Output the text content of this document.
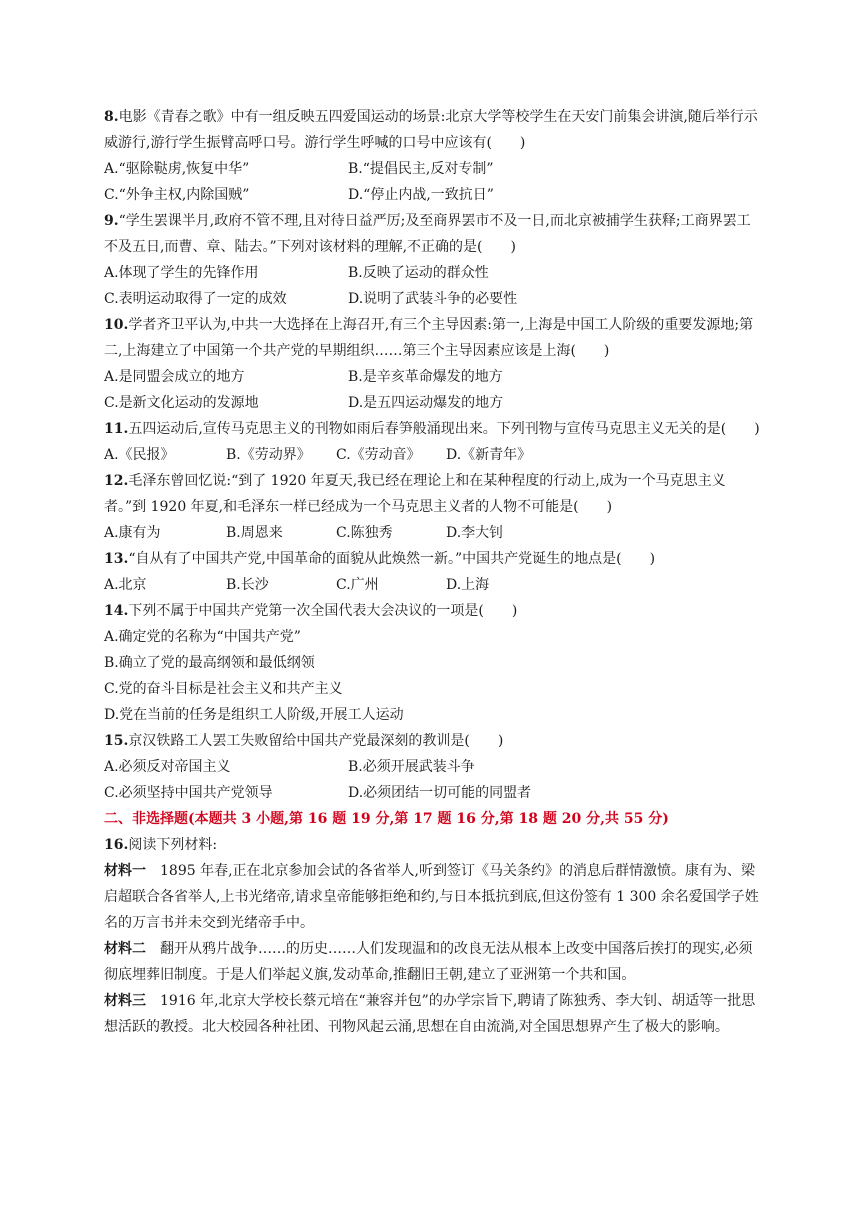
8.电影《青春之歌》中有一组反映五四爱国运动的场景:北京大学等校学生在天安门前集会讲演,随后举行示威游行,游行学生振臂高呼口号。游行学生呼喊的口号中应该有(　　)
A.“驱除鞑虏,恢复中华”	B.“提倡民主,反对专制”
C.“外争主权,内除国贼”	D.“停止内战,一致抗日”
9.“学生罢课半月,政府不管不理,且对待日益严厉;及至商界罢市不及一日,而北京被捕学生获释;工商界罢工不及五日,而曹、章、陆去。”下列对该材料的理解,不正确的是(　　)
A.体现了学生的先锋作用	B.反映了运动的群众性
C.表明运动取得了一定的成效	D.说明了武装斗争的必要性
10.学者齐卫平认为,中共一大选择在上海召开,有三个主导因素:第一,上海是中国工人阶级的重要发源地;第二,上海建立了中国第一个共产党的早期组织……第三个主导因素应该是上海(　　)
A.是同盟会成立的地方	B.是辛亥革命爆发的地方
C.是新文化运动的发源地	D.是五四运动爆发的地方
11.五四运动后,宣传马克思主义的刊物如雨后春笋般涌现出来。下列刊物与宣传马克思主义无关的是(　　)
A.《民报》	B.《劳动界》	C.《劳动音》	D.《新青年》
12.毛泽东曾回忆说:“到了 1920 年夏天,我已经在理论上和在某种程度的行动上,成为一个马克思主义者。”到 1920 年夏,和毛泽东一样已经成为一个马克思主义者的人物不可能是(　　)
A.康有为	B.周恩来	C.陈独秀	D.李大钊
13.“自从有了中国共产党,中国革命的面貌从此焕然一新。”中国共产党诞生的地点是(　　)
A.北京	B.长沙	C.广州	D.上海
14.下列不属于中国共产党第一次全国代表大会决议的一项是(　　)
A.确定党的名称为“中国共产党”
B.确立了党的最高纲领和最低纲领
C.党的奋斗目标是社会主义和共产主义
D.党在当前的任务是组织工人阶级,开展工人运动
15.京汉铁路工人罢工失败留给中国共产党最深刻的教训是(　　)
A.必须反对帝国主义	B.必须开展武装斗争
C.必须坚持中国共产党领导	D.必须团结一切可能的同盟者
二、非选择题(本题共 3 小题,第 16 题 19 分,第 17 题 16 分,第 18 题 20 分,共 55 分)
16.阅读下列材料:
材料一 1895 年春,正在北京参加会试的各省举人,听到签订《马关条约》的消息后群情激愤。康有为、梁启超联合各省举人,上书光绪帝,请求皇帝能够拒绝和约,与日本抵抗到底,但这份签有 1 300 余名爱国学子姓名的万言书并未交到光绪帝手中。
材料二 翻开从鸦片战争……的历史……人们发现温和的改良无法从根本上改变中国落后挨打的现实,必须彻底埋葬旧制度。于是人们举起义旗,发动革命,推翻旧王朝,建立了亚洲第一个共和国。
材料三 1916 年,北京大学校长蔡元培在“兼容并包”的办学宗旨下,聘请了陈独秀、李大钊、胡适等一批思想活跃的教授。北大校园各种社团、刊物风起云涌,思想在自由流淌,对全国思想界产生了极大的影响。
